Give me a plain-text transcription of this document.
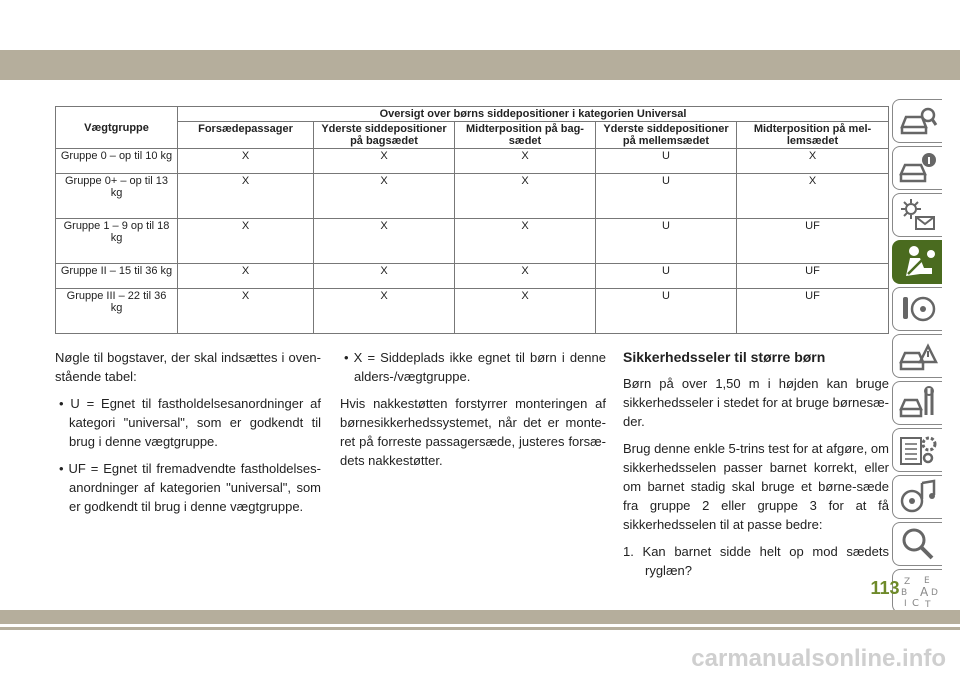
Vægtgruppe	Oversigt over børns siddepositioner i kategorien Universal				
	Forsædepassager	Yderste siddepositioner på bagsædet	Midterposition på bag-sædet	Yderste siddepositioner på mellemsædet	Midterposition på mel-lemsædet
Gruppe 0 – op til 10 kg	X	X	X	U	X
Gruppe 0+ – op til 13 kg	X	X	X	U	X
Gruppe 1 – 9 op til 18 kg	X	X	X	U	UF
Gruppe II – 15 til 36 kg	X	X	X	U	UF
Gruppe III – 22 til 36 kg	X	X	X	U	UF

Nøgle til bogstaver, der skal indsættes i oven-stående tabel:

• U = Egnet til fastholdelsesanordninger af kategori "universal", som er godkendt til brug i denne vægtgruppe.

• UF = Egnet til fremadvendte fastholdelses-anordninger af kategorien "universal", som er godkendt til brug i denne vægtgruppe.

• X = Siddeplads ikke egnet til børn i denne alders-/vægtgruppe.

Hvis nakkestøtten forstyrrer monteringen af børnesikkerhedssystemet, når det er monte-ret på forreste passagersæde, justeres forsæ-dets nakkestøtter.

Sikkerhedsseler til større børn

Børn på over 1,50 m i højden kan bruge sikkerhedsseler i stedet for at bruge børnesæ-der.

Brug denne enkle 5-trins test for at afgøre, om sikkerhedsselen passer barnet korrekt, eller om barnet stadig skal bruge et børne-sæde fra gruppe 2 eller gruppe 3 for at få sikkerhedsselen til at passe bedre:

1. Kan barnet sidde helt op mod sædets ryglæn?

Z E
B A
I C
D
T
113
carmanualsonline.info
